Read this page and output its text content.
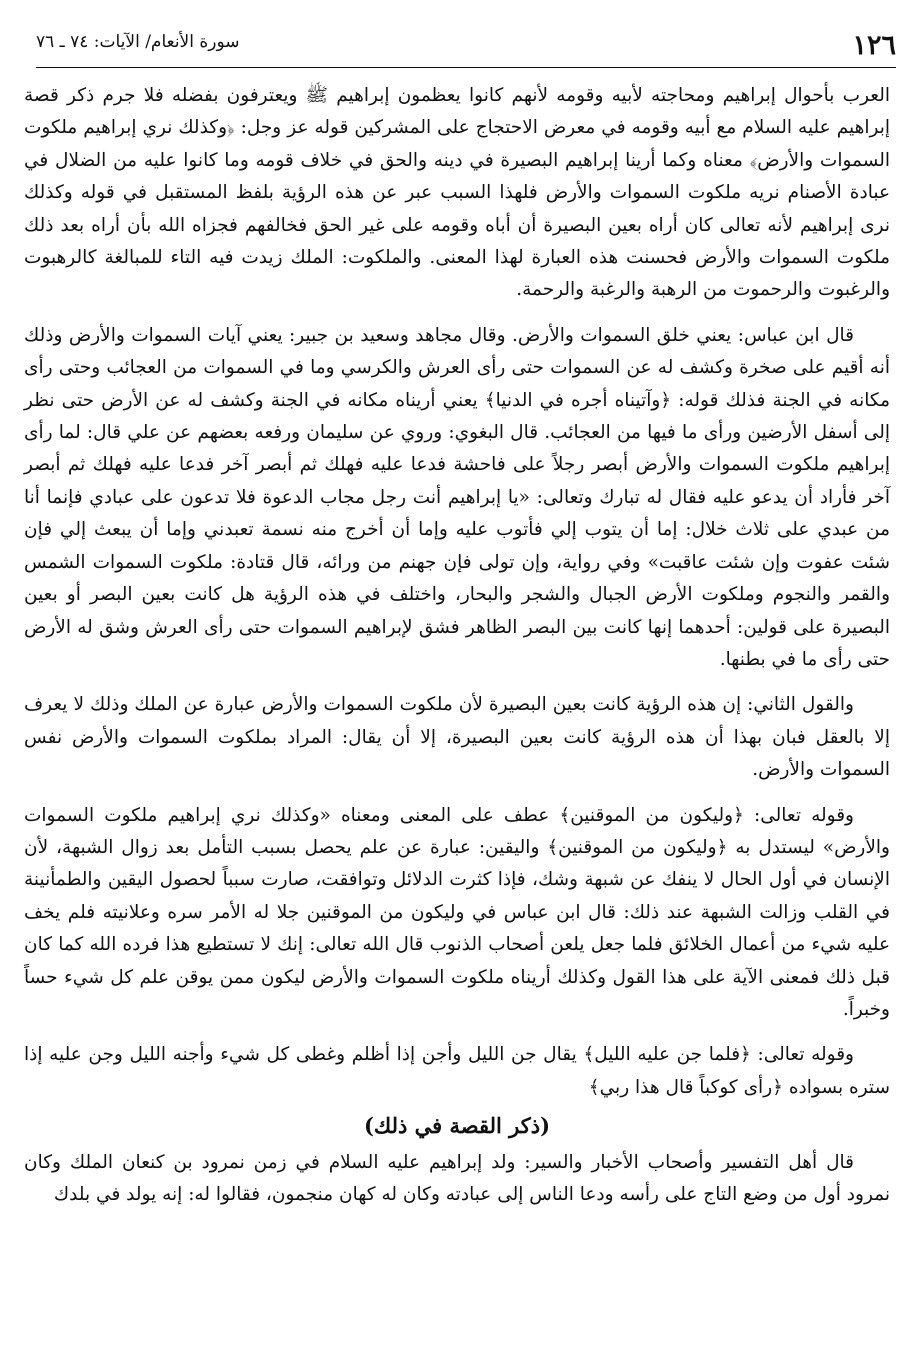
١٢٦
سورة الأنعام/ الآيات: ٧٤ ـ ٧٦

العرب بأحوال إبراهيم ومحاجته لأبيه وقومه لأنهم كانوا يعظمون إبراهيم ﷺ ويعترفون بفضله فلا جرم ذكر قصة إبراهيم عليه السلام مع أبيه وقومه في معرض الاحتجاج على المشركين قوله عز وجل: ﴿وكذلك نري إبراهيم ملكوت السموات والأرض﴾ معناه وكما أرينا إبراهيم البصيرة في دينه والحق في خلاف قومه وما كانوا عليه من الضلال في عبادة الأصنام نريه ملكوت السموات والأرض فلهذا السبب عبر عن هذه الرؤية بلفظ المستقبل في قوله وكذلك نرى إبراهيم لأنه تعالى كان أراه بعين البصيرة أن أباه وقومه على غير الحق فخالفهم فجزاه الله بأن أراه بعد ذلك ملكوت السموات والأرض فحسنت هذه العبارة لهذا المعنى. والملكوت: الملك زيدت فيه التاء للمبالغة كالرهبوت والرغبوت والرحموت من الرهبة والرغبة والرحمة.

قال ابن عباس: يعني خلق السموات والأرض. وقال مجاهد وسعيد بن جبير: يعني آيات السموات والأرض وذلك أنه أقيم على صخرة وكشف له عن السموات حتى رأى العرش والكرسي وما في السموات من العجائب وحتى رأى مكانه في الجنة فذلك قوله: ﴿وآتيناه أجره في الدنيا﴾ يعني أريناه مكانه في الجنة وكشف له عن الأرض حتى نظر إلى أسفل الأرضين ورأى ما فيها من العجائب. قال البغوي: وروي عن سليمان ورفعه بعضهم عن علي قال: لما رأى إبراهيم ملكوت السموات والأرض أبصر رجلاً على فاحشة فدعا عليه فهلك ثم أبصر آخر فدعا عليه فهلك ثم أبصر آخر فأراد أن يدعو عليه فقال له تبارك وتعالى: «يا إبراهيم أنت رجل مجاب الدعوة فلا تدعون على عبادي فإنما أنا من عبدي على ثلاث خلال: إما أن يتوب إلي فأتوب عليه وإما أن أخرج منه نسمة تعبدني وإما أن يبعث إلي فإن شئت عفوت وإن شئت عاقبت» وفي رواية، وإن تولى فإن جهنم من ورائه، قال قتادة: ملكوت السموات الشمس والقمر والنجوم وملكوت الأرض الجبال والشجر والبحار، واختلف في هذه الرؤية هل كانت بعين البصر أو بعين البصيرة على قولين: أحدهما إنها كانت بين البصر الظاهر فشق لإبراهيم السموات حتى رأى العرش وشق له الأرض حتى رأى ما في بطنها.

والقول الثاني: إن هذه الرؤية كانت بعين البصيرة لأن ملكوت السموات والأرض عبارة عن الملك وذلك لا يعرف إلا بالعقل فبان بهذا أن هذه الرؤية كانت بعين البصيرة، إلا أن يقال: المراد بملكوت السموات والأرض نفس السموات والأرض.

وقوله تعالى: ﴿وليكون من الموقنين﴾ عطف على المعنى ومعناه «وكذلك نري إبراهيم ملكوت السموات والأرض» ليستدل به ﴿وليكون من الموقنين﴾ واليقين: عبارة عن علم يحصل بسبب التأمل بعد زوال الشبهة، لأن الإنسان في أول الحال لا ينفك عن شبهة وشك، فإذا كثرت الدلائل وتوافقت، صارت سبباً لحصول اليقين والطمأنينة في القلب وزالت الشبهة عند ذلك: قال ابن عباس في وليكون من الموقنين جلا له الأمر سره وعلانيته فلم يخف عليه شيء من أعمال الخلائق فلما جعل يلعن أصحاب الذنوب قال الله تعالى: إنك لا تستطيع هذا فرده الله كما كان قبل ذلك فمعنى الآية على هذا القول وكذلك أريناه ملكوت السموات والأرض ليكون ممن يوقن علم كل شيء حساً وخبراً.

وقوله تعالى: ﴿فلما جن عليه الليل﴾ يقال جن الليل وأجن إذا أظلم وغطى كل شيء وأجنه الليل وجن عليه إذا ستره بسواده ﴿رأى كوكباً قال هذا ربي﴾

(ذكر القصة في ذلك)

قال أهل التفسير وأصحاب الأخبار والسير: ولد إبراهيم عليه السلام في زمن نمرود بن كنعان الملك وكان نمرود أول من وضع التاج على رأسه ودعا الناس إلى عبادته وكان له كهان منجمون، فقالوا له: إنه يولد في بلدك
